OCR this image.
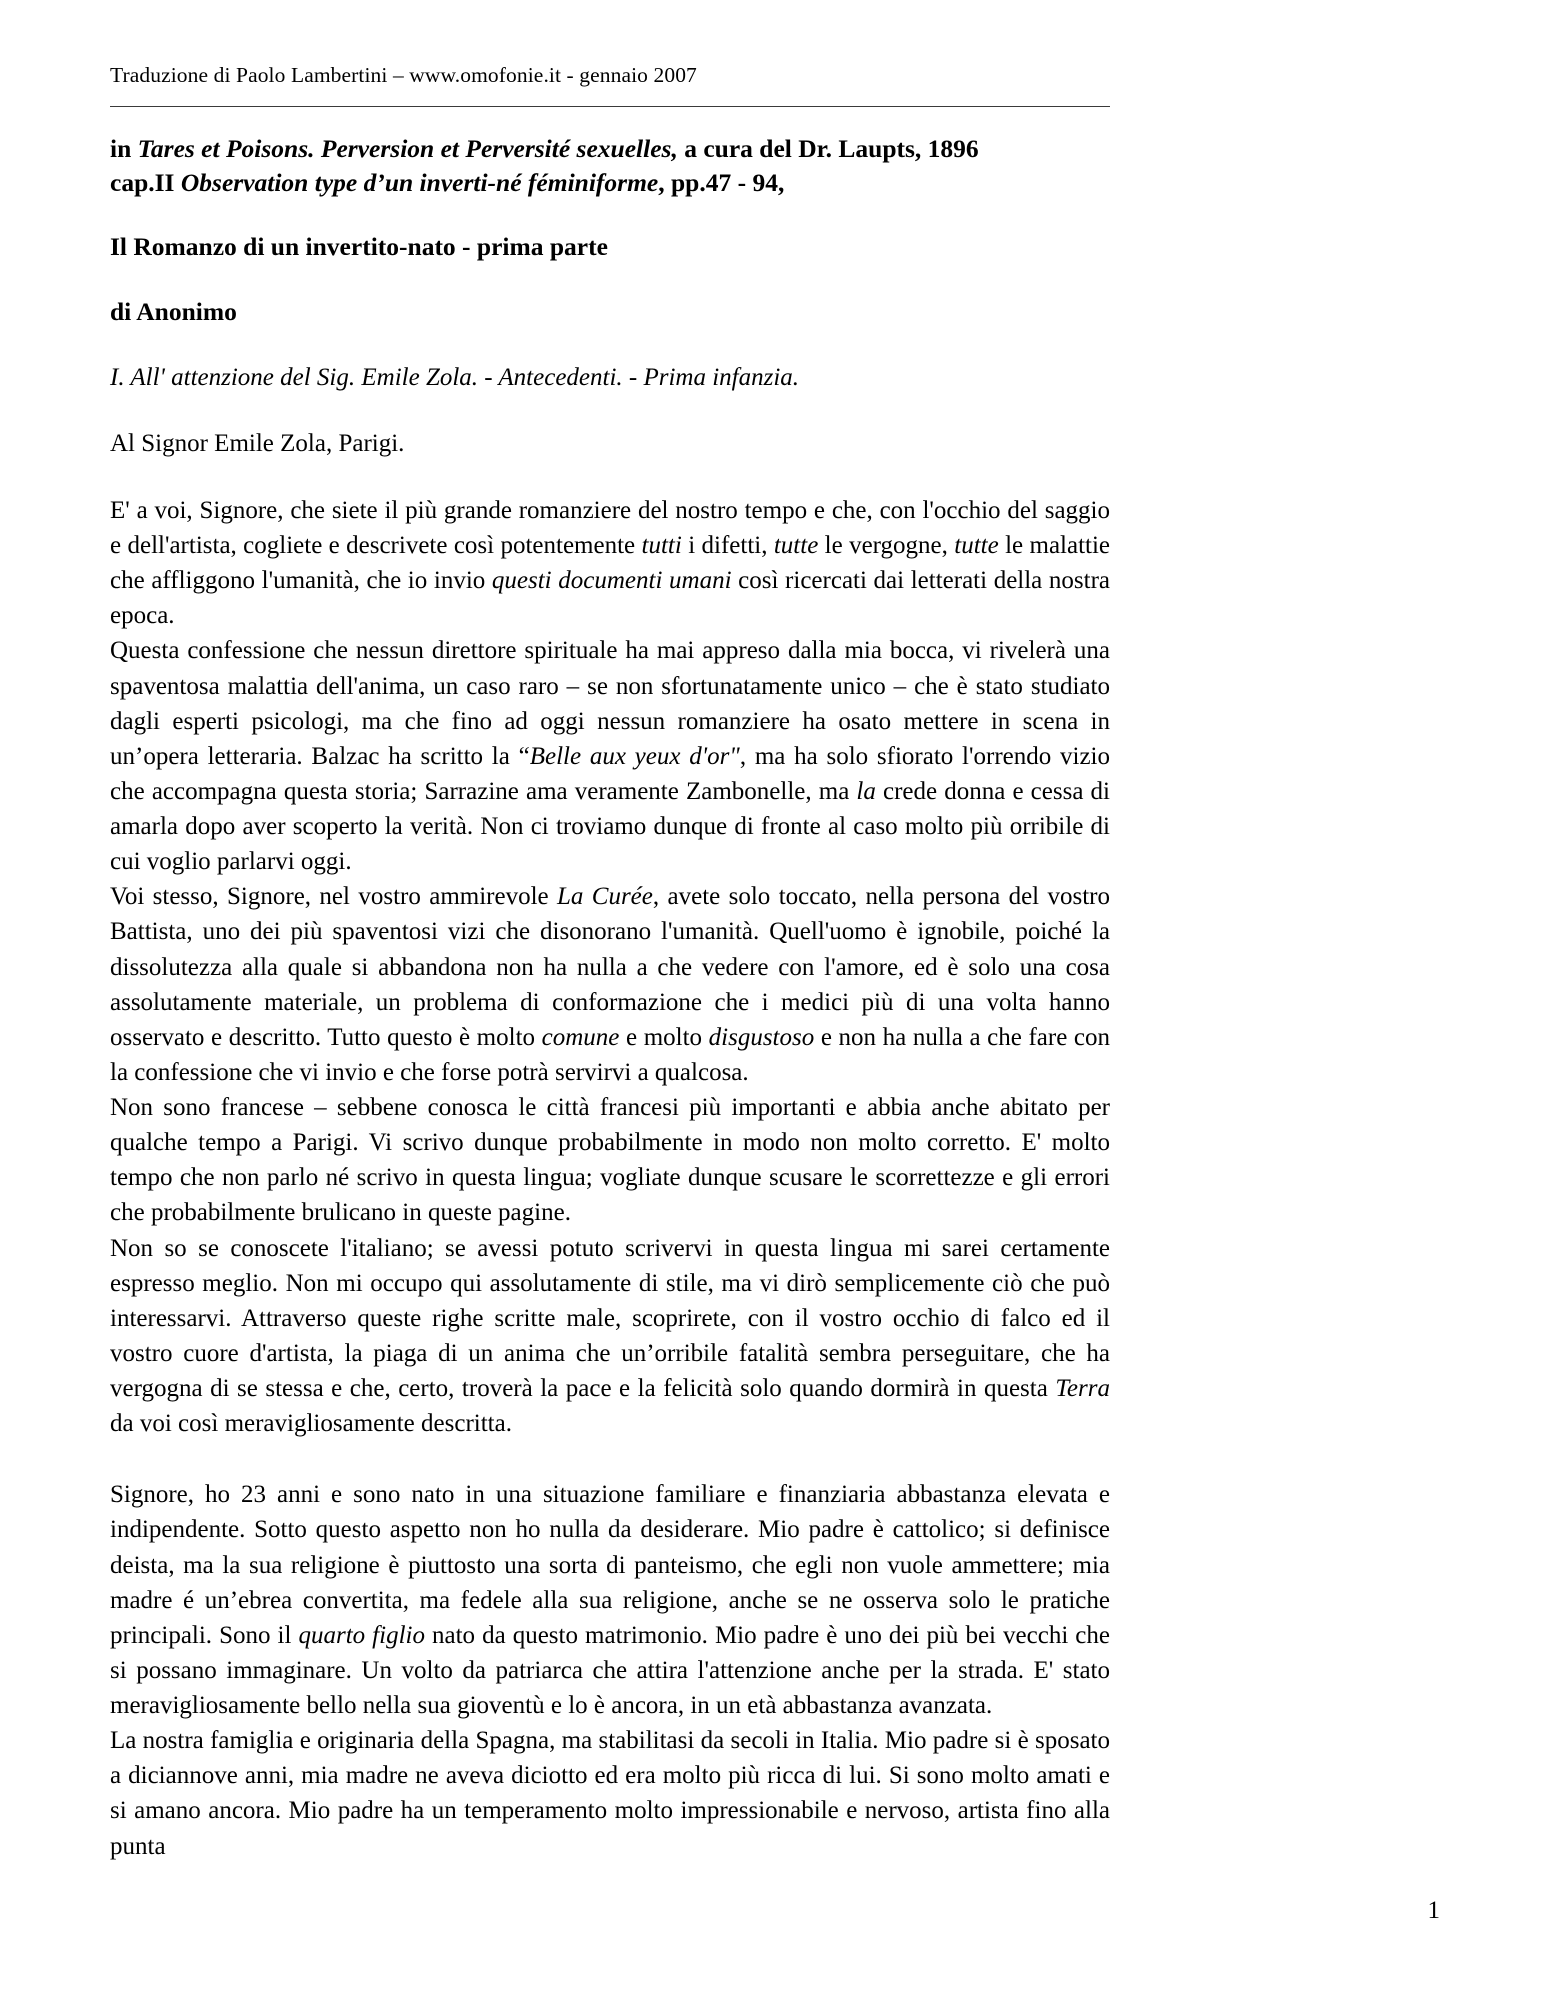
Traduzione di Paolo Lambertini – www.omofonie.it - gennaio 2007
in Tares et Poisons. Perversion et Perversité sexuelles, a cura del Dr. Laupts, 1896
cap.II Observation type d’un inverti-né féminiforme, pp.47 - 94,
Il Romanzo di un invertito-nato - prima parte
di Anonimo
I. All' attenzione del Sig. Emile Zola. - Antecedenti. - Prima infanzia.
Al Signor Emile Zola, Parigi.

E' a voi, Signore, che siete il più grande romanziere del nostro tempo e che, con l'occhio del saggio e dell'artista, cogliete e descrivete così potentemente tutti i difetti, tutte le vergogne, tutte le malattie che affliggono l'umanità, che io invio questi documenti umani così ricercati dai letterati della nostra epoca.

Questa confessione che nessun direttore spirituale ha mai appreso dalla mia bocca, vi rivelerà una spaventosa malattia dell'anima, un caso raro – se non sfortunatamente unico – che è stato studiato dagli esperti psicologi, ma che fino ad oggi nessun romanziere ha osato mettere in scena in un’opera letteraria. Balzac ha scritto la “Belle aux yeux d'or", ma ha solo sfiorato l'orrendo vizio che accompagna questa storia; Sarrazine ama veramente Zambonelle, ma la crede donna e cessa di amarla dopo aver scoperto la verità. Non ci troviamo dunque di fronte al caso molto più orribile di cui voglio parlarvi oggi.

Voi stesso, Signore, nel vostro ammirevole La Curée, avete solo toccato, nella persona del vostro Battista, uno dei più spaventosi vizi che disonorano l'umanità. Quell'uomo è ignobile, poiché la dissolutezza alla quale si abbandona non ha nulla a che vedere con l'amore, ed è solo una cosa assolutamente materiale, un problema di conformazione che i medici più di una volta hanno osservato e descritto. Tutto questo è molto comune e molto disgustoso e non ha nulla a che fare con la confessione che vi invio e che forse potrà servirvi a qualcosa.

Non sono francese – sebbene conosca le città francesi più importanti e abbia anche abitato per qualche tempo a Parigi. Vi scrivo dunque probabilmente in modo non molto corretto. E' molto tempo che non parlo né scrivo in questa lingua; vogliate dunque scusare le scorrettezze e gli errori che probabilmente brulicano in queste pagine.

Non so se conoscete l'italiano; se avessi potuto scrivervi in questa lingua mi sarei certamente espresso meglio. Non mi occupo qui assolutamente di stile, ma vi dirò semplicemente ciò che può interessarvi. Attraverso queste righe scritte male, scoprirete, con il vostro occhio di falco ed il vostro cuore d'artista, la piaga di un anima che un’orribile fatalità sembra perseguitare, che ha vergogna di se stessa e che, certo, troverà la pace e la felicità solo quando dormirà in questa Terra da voi così meravigliosamente descritta.

Signore, ho 23 anni e sono nato in una situazione familiare e finanziaria abbastanza elevata e indipendente. Sotto questo aspetto non ho nulla da desiderare. Mio padre è cattolico; si definisce deista, ma la sua religione è piuttosto una sorta di panteismo, che egli non vuole ammettere; mia madre é un’ebrea convertita, ma fedele alla sua religione, anche se ne osserva solo le pratiche principali. Sono il quarto figlio nato da questo matrimonio. Mio padre è uno dei più bei vecchi che si possano immaginare. Un volto da patriarca che attira l'attenzione anche per la strada. E' stato meravigliosamente bello nella sua gioventù e lo è ancora, in un età abbastanza avanzata.

La nostra famiglia e originaria della Spagna, ma stabilitasi da secoli in Italia. Mio padre si è sposato a diciannove anni, mia madre ne aveva diciotto ed era molto più ricca di lui. Si sono molto amati e si amano ancora. Mio padre ha un temperamento molto impressionabile e nervoso, artista fino alla punta

1
